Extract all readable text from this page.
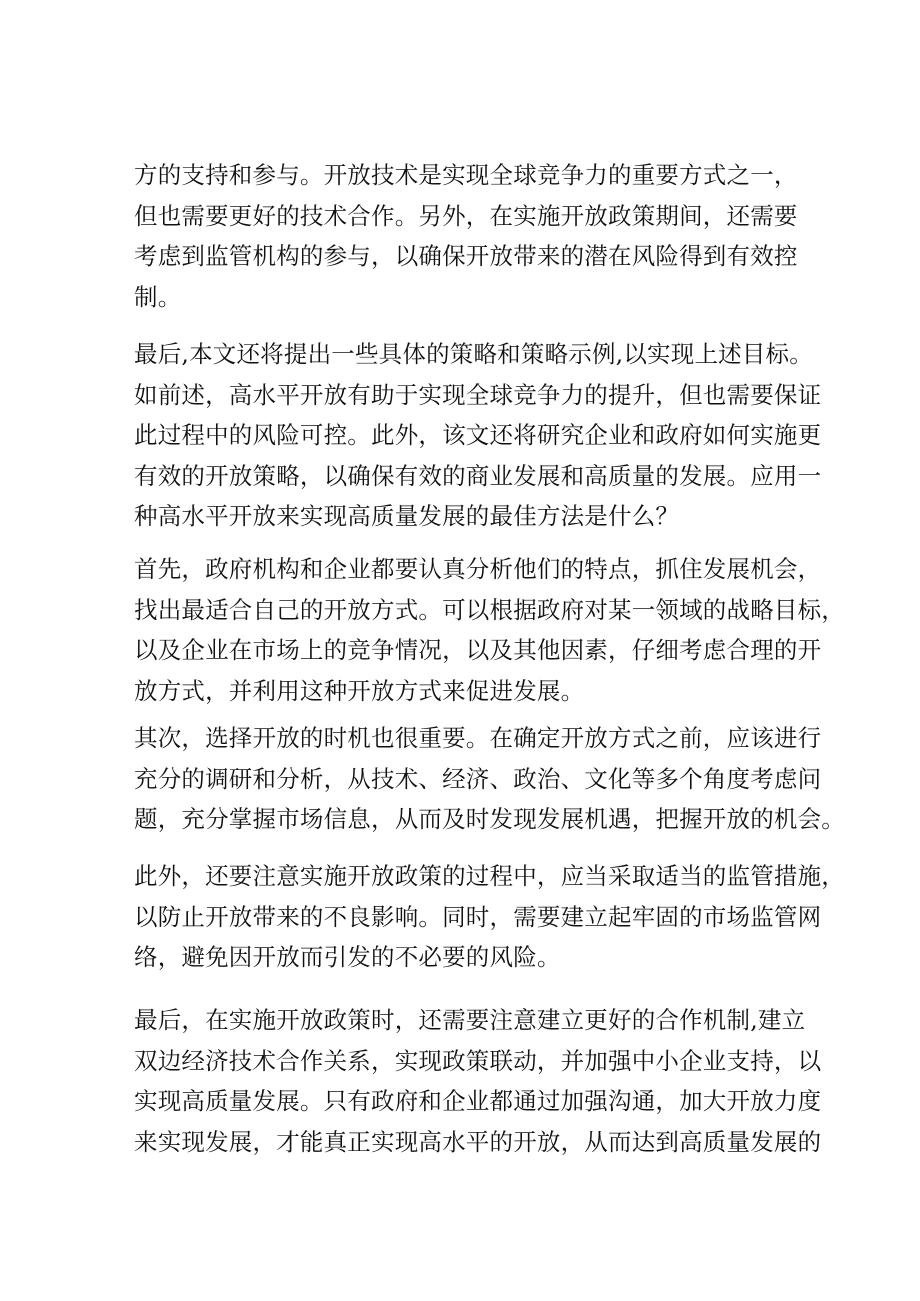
方的支持和参与。开放技术是实现全球竞争力的重要方式之一，
但也需要更好的技术合作。另外，在实施开放政策期间，还需要
考虑到监管机构的参与，以确保开放带来的潜在风险得到有效控
制。
最后,本文还将提出一些具体的策略和策略示例,以实现上述目标。
如前述，高水平开放有助于实现全球竞争力的提升，但也需要保证
此过程中的风险可控。此外，该文还将研究企业和政府如何实施更
有效的开放策略，以确保有效的商业发展和高质量的发展。应用一
种高水平开放来实现高质量发展的最佳方法是什么？
首先，政府机构和企业都要认真分析他们的特点，抓住发展机会，
找出最适合自己的开放方式。可以根据政府对某一领域的战略目标，
以及企业在市场上的竞争情况，以及其他因素，仔细考虑合理的开
放方式，并利用这种开放方式来促进发展。
其次，选择开放的时机也很重要。在确定开放方式之前，应该进行
充分的调研和分析，从技术、经济、政治、文化等多个角度考虑问
题，充分掌握市场信息，从而及时发现发展机遇，把握开放的机会。
此外，还要注意实施开放政策的过程中，应当采取适当的监管措施，
以防止开放带来的不良影响。同时，需要建立起牢固的市场监管网
络，避免因开放而引发的不必要的风险。
最后，在实施开放政策时，还需要注意建立更好的合作机制,建立
双边经济技术合作关系，实现政策联动，并加强中小企业支持，以
实现高质量发展。只有政府和企业都通过加强沟通，加大开放力度
来实现发展，才能真正实现高水平的开放，从而达到高质量发展的
